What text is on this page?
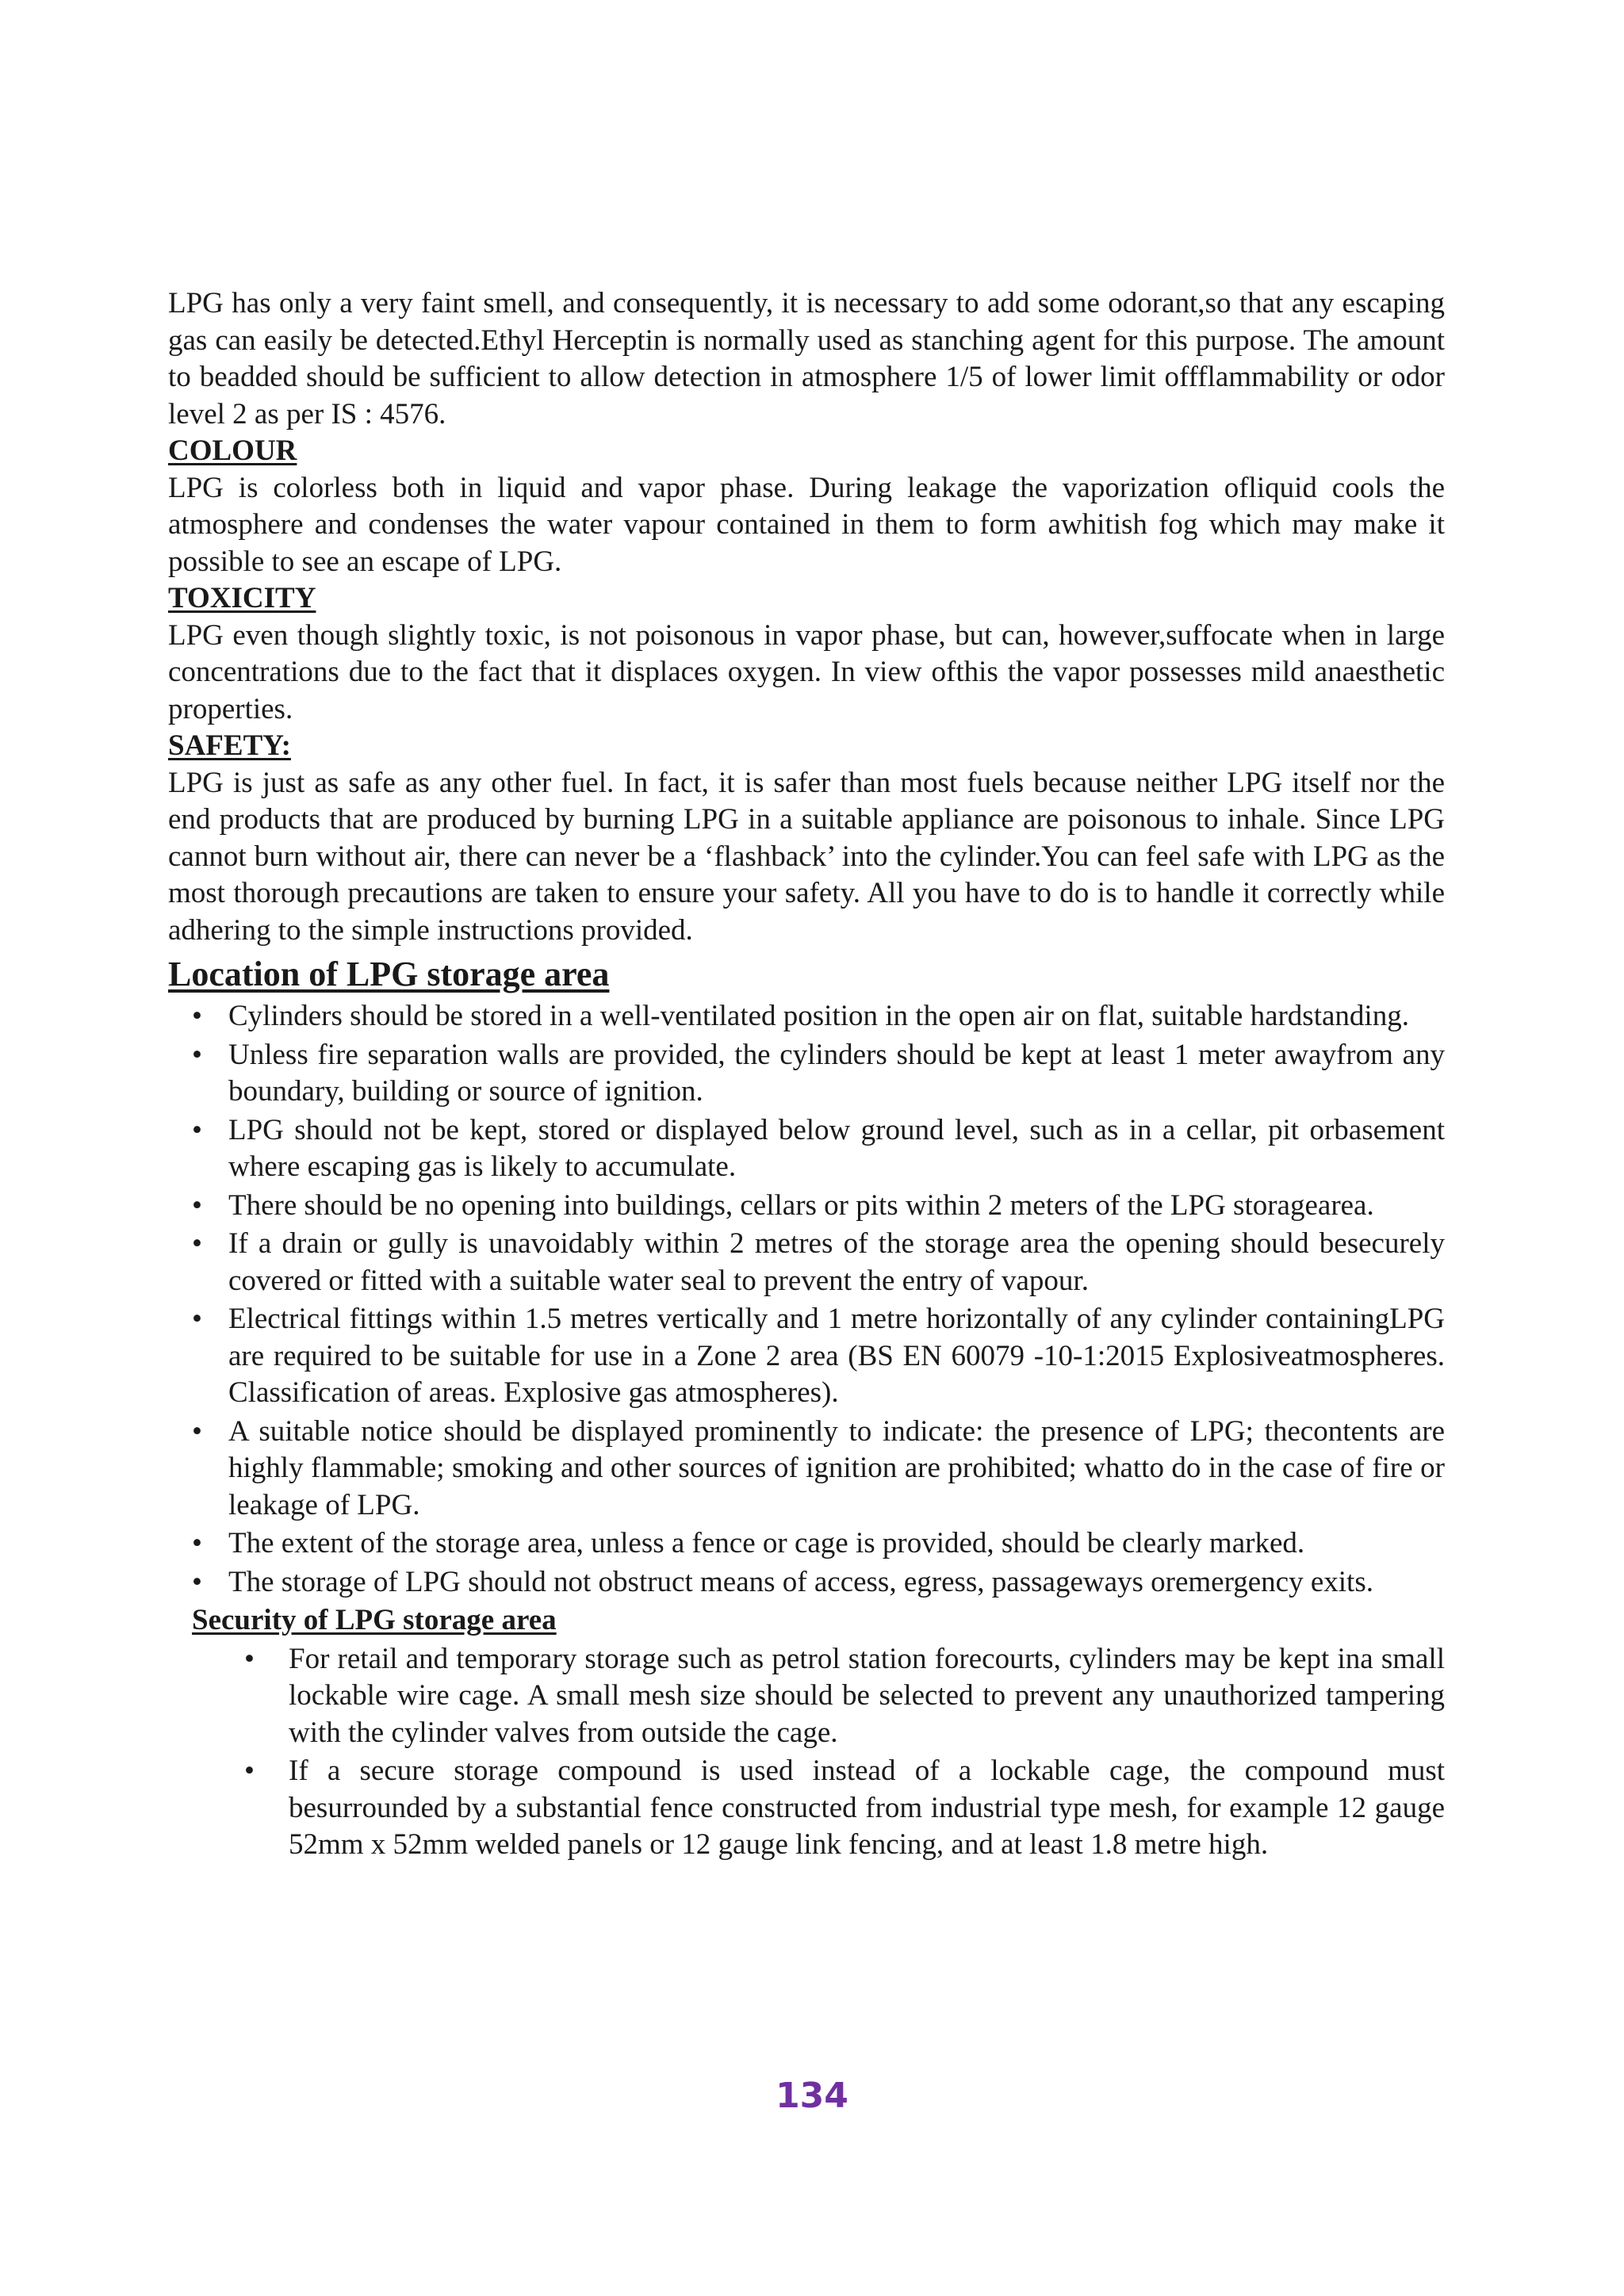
LPG has only a very faint smell, and consequently, it is necessary to add some odorant,so that any escaping gas can easily be detected.Ethyl Herceptin is normally used as stanching agent for this purpose. The amount to beadded should be sufficient to allow detection in atmosphere 1/5 of lower limit offflammability or odor level 2 as per IS : 4576.

COLOUR

LPG is colorless both in liquid and vapor phase. During leakage the vaporization ofliquid cools the atmosphere and condenses the water vapour contained in them to form awhitish fog which may make it possible to see an escape of LPG.

TOXICITY

LPG even though slightly toxic, is not poisonous in vapor phase, but can, however,suffocate when in large concentrations due to the fact that it displaces oxygen. In view ofthis the vapor possesses mild anaesthetic properties.

SAFETY:

LPG is just as safe as any other fuel. In fact, it is safer than most fuels because neither LPG itself nor the end products that are produced by burning LPG in a suitable appliance are poisonous to inhale. Since LPG cannot burn without air, there can never be a ‘flashback’ into the cylinder.You can feel safe with LPG as the most thorough precautions are taken to ensure your safety. All you have to do is to handle it correctly while adhering to the simple instructions provided.

Location of LPG storage area
• Cylinders should be stored in a well-ventilated position in the open air on flat, suitable hardstanding.
• Unless fire separation walls are provided, the cylinders should be kept at least 1 meter awayfrom any boundary, building or source of ignition.
• LPG should not be kept, stored or displayed below ground level, such as in a cellar, pit orbasement where escaping gas is likely to accumulate.
• There should be no opening into buildings, cellars or pits within 2 meters of the LPG storagearea.
• If a drain or gully is unavoidably within 2 metres of the storage area the opening should besecurely covered or fitted with a suitable water seal to prevent the entry of vapour.
• Electrical fittings within 1.5 metres vertically and 1 metre horizontally of any cylinder containingLPG are required to be suitable for use in a Zone 2 area (BS EN 60079 -10-1:2015 Explosiveatmospheres. Classification of areas. Explosive gas atmospheres).
• A suitable notice should be displayed prominently to indicate: the presence of LPG; thecontents are highly flammable; smoking and other sources of ignition are prohibited; whatto do in the case of fire or leakage of LPG.
• The extent of the storage area, unless a fence or cage is provided, should be clearly marked.
• The storage of LPG should not obstruct means of access, egress, passageways oremergency exits.

Security of LPG storage area

•	For retail and temporary storage such as petrol station forecourts, cylinders may be kept ina small lockable wire cage. A small mesh size should be selected to prevent any unauthorized tampering with the cylinder valves from outside the cage.
•	If a secure storage compound is used instead of a lockable cage, the compound must besurrounded by a substantial fence constructed from industrial type mesh, for example 12 gauge 52mm x 52mm welded panels or 12 gauge link fencing, and at least 1.8 metre high.
134
